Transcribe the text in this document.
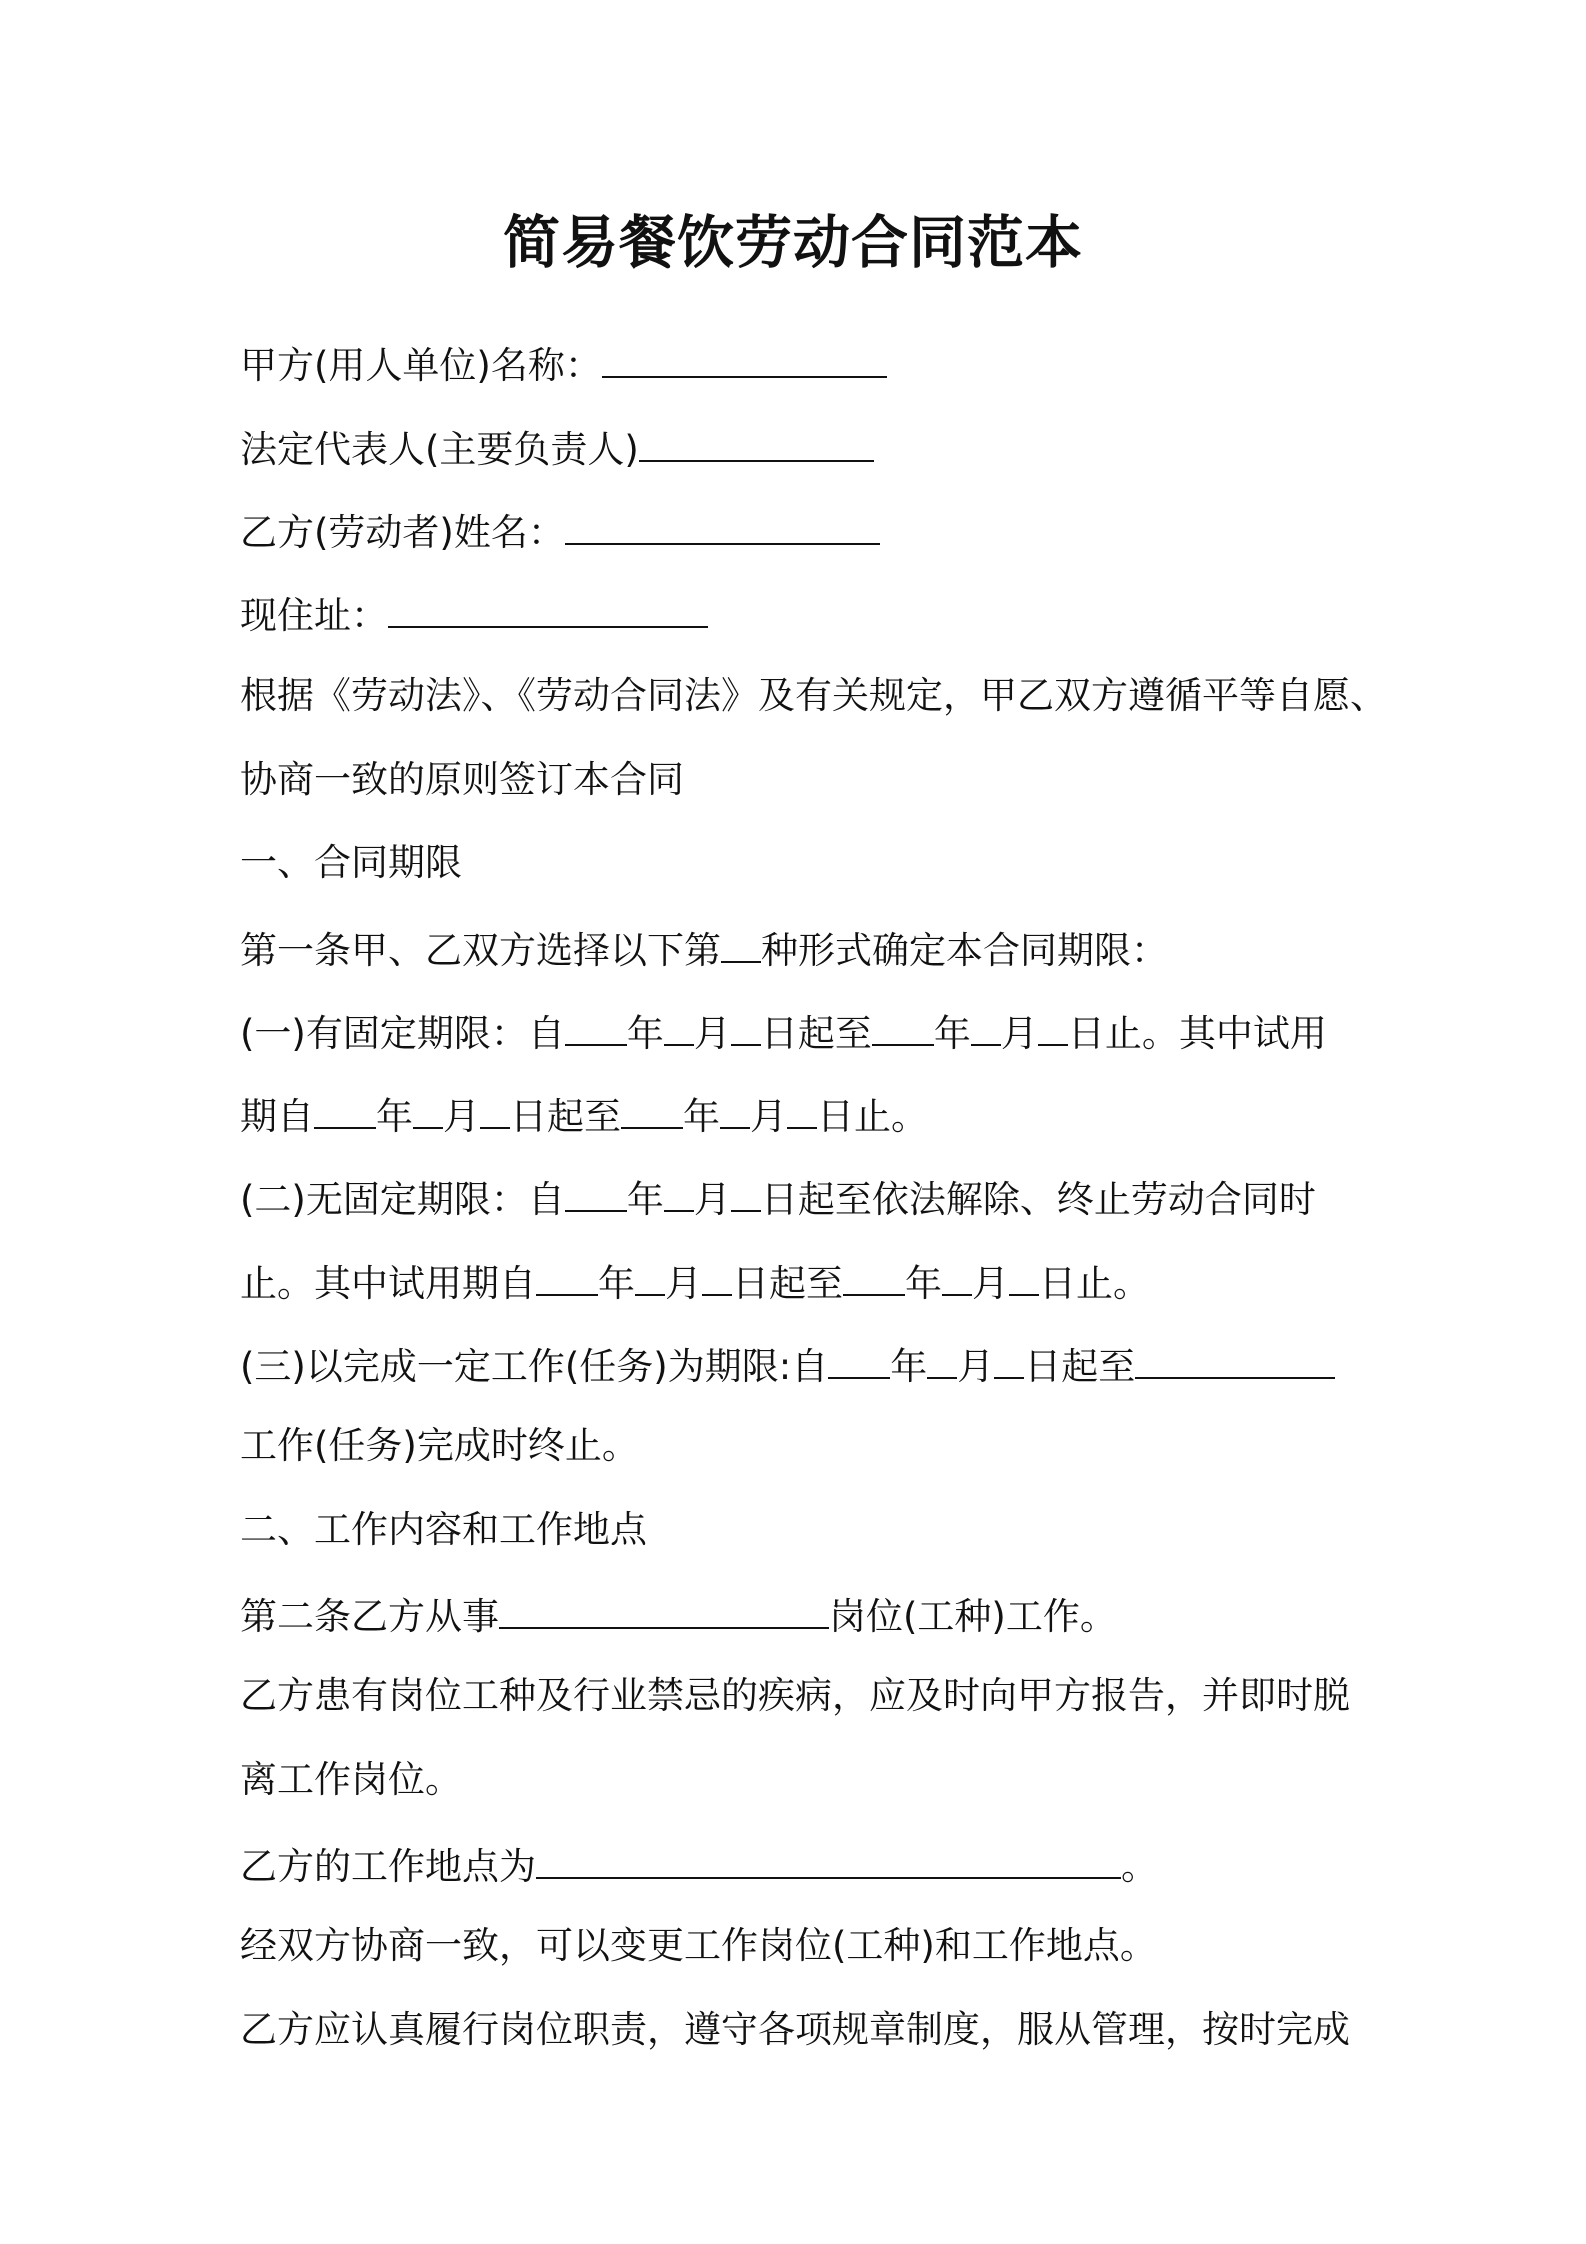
简易餐饮劳动合同范本
甲方(用人单位)名称：
法定代表人(主要负责人)
乙方(劳动者)姓名：
现住址：
根据《劳动法》、《劳动合同法》及有关规定，甲乙双方遵循平等自愿、
协商一致的原则签订本合同
一、合同期限
第一条甲、乙双方选择以下第 种形式确定本合同期限：
(一)有固定期限：自 年 月 日起至 年 月 日止。其中试用
期自 年 月 日起至 年 月 日止。
(二)无固定期限：自 年 月 日起至依法解除、终止劳动合同时
止。其中试用期自 年 月 日起至 年 月 日止。
(三)以完成一定工作(任务)为期限:自 年 月 日起至
工作(任务)完成时终止。
二、工作内容和工作地点
第二条乙方从事	岗位(工种)工作。
乙方患有岗位工种及行业禁忌的疾病，应及时向甲方报告，并即时脱
离工作岗位。
乙方的工作地点为	。
经双方协商一致，可以变更工作岗位(工种)和工作地点。
乙方应认真履行岗位职责，遵守各项规章制度，服从管理，按时完成
